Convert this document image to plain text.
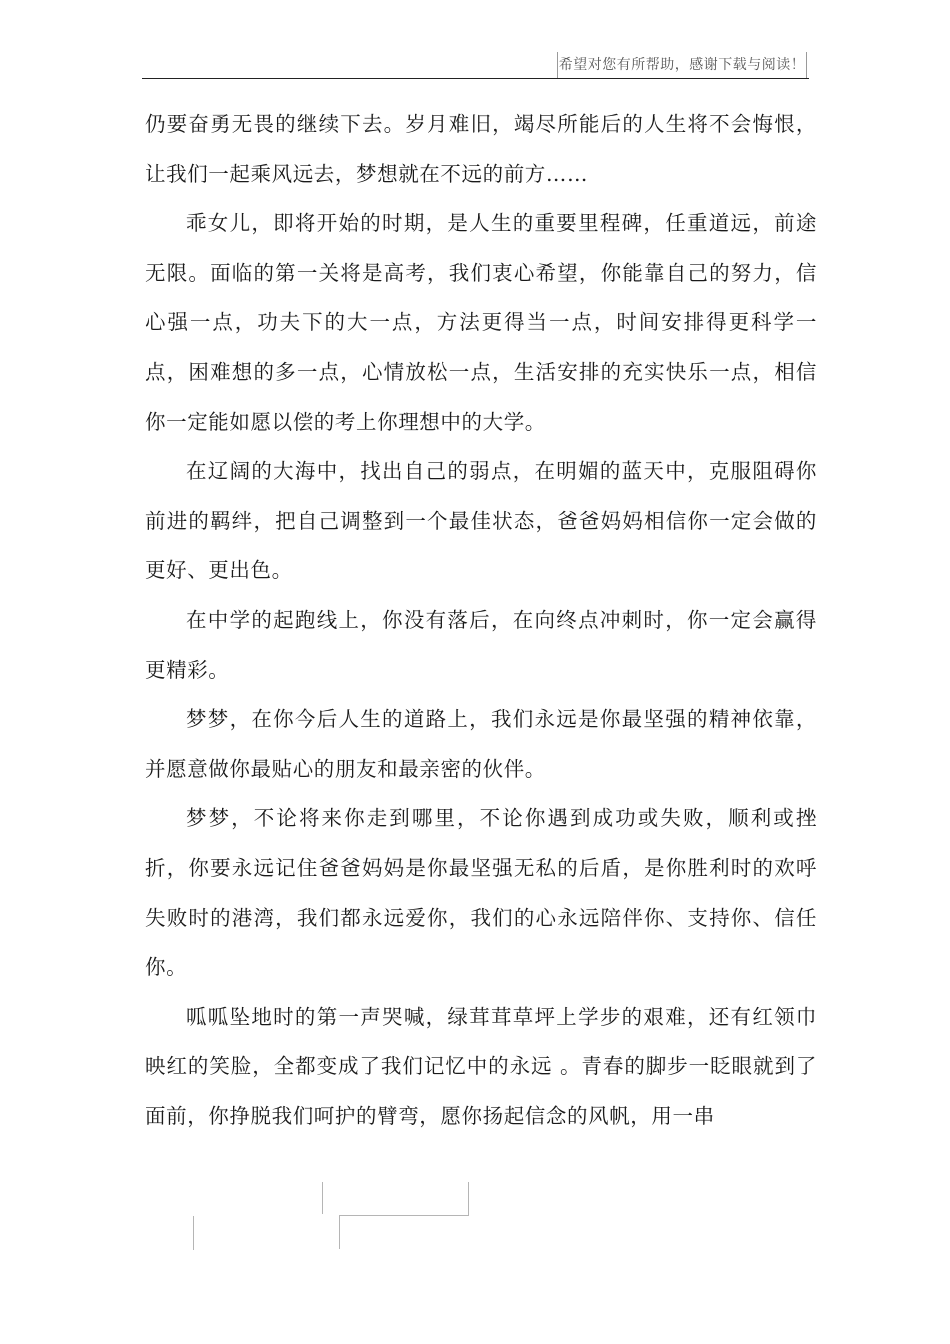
希望对您有所帮助，感谢下载与阅读！

仍要奋勇无畏的继续下去。岁月难旧，竭尽所能后的人生将不会悔恨，让我们一起乘风远去，梦想就在不远的前方……

乖女儿，即将开始的时期，是人生的重要里程碑，任重道远，前途无限。面临的第一关将是高考，我们衷心希望，你能靠自己的努力，信心强一点，功夫下的大一点，方法更得当一点，时间安排得更科学一点，困难想的多一点，心情放松一点，生活安排的充实快乐一点，相信你一定能如愿以偿的考上你理想中的大学。

在辽阔的大海中，找出自己的弱点，在明媚的蓝天中，克服阻碍你前进的羁绊，把自己调整到一个最佳状态，爸爸妈妈相信你一定会做的更好、更出色。

在中学的起跑线上，你没有落后，在向终点冲刺时，你一定会赢得更精彩。

梦梦，在你今后人生的道路上，我们永远是你最坚强的精神依靠，并愿意做你最贴心的朋友和最亲密的伙伴。

梦梦，不论将来你走到哪里，不论你遇到成功或失败，顺利或挫折，你要永远记住爸爸妈妈是你最坚强无私的后盾，是你胜利时的欢呼失败时的港湾，我们都永远爱你，我们的心永远陪伴你、支持你、信任你。

呱呱坠地时的第一声哭喊，绿茸茸草坪上学步的艰难，还有红领巾映红的笑脸，全都变成了我们记忆中的永远 。青春的脚步一眨眼就到了面前，你挣脱我们呵护的臂弯，愿你扬起信念的风帆，用一串
